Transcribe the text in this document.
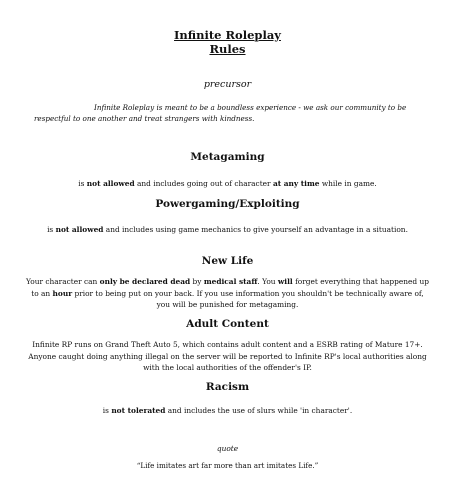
Infinite Roleplay
Rules
precursor
Infinite Roleplay is meant to be a boundless experience - we ask our community to be respectful to one another and treat strangers with kindness.
Metagaming
is not allowed and includes going out of character at any time while in game.
Powergaming/Exploiting
is not allowed and includes using game mechanics to give yourself an advantage in a situation.
New Life
Your character can only be declared dead by medical staff. You will forget everything that happened up to an hour prior to being put on your back. If you use information you shouldn't be technically aware of, you will be punished for metagaming.
Adult Content
Infinite RP runs on Grand Theft Auto 5, which contains adult content and a ESRB rating of Mature 17+. Anyone caught doing anything illegal on the server will be reported to Infinite RP's local authorities along with the local authorities of the offender's IP.
Racism
is not tolerated and includes the use of slurs while 'in character'.
quote
“Life imitates art far more than art imitates Life.”
